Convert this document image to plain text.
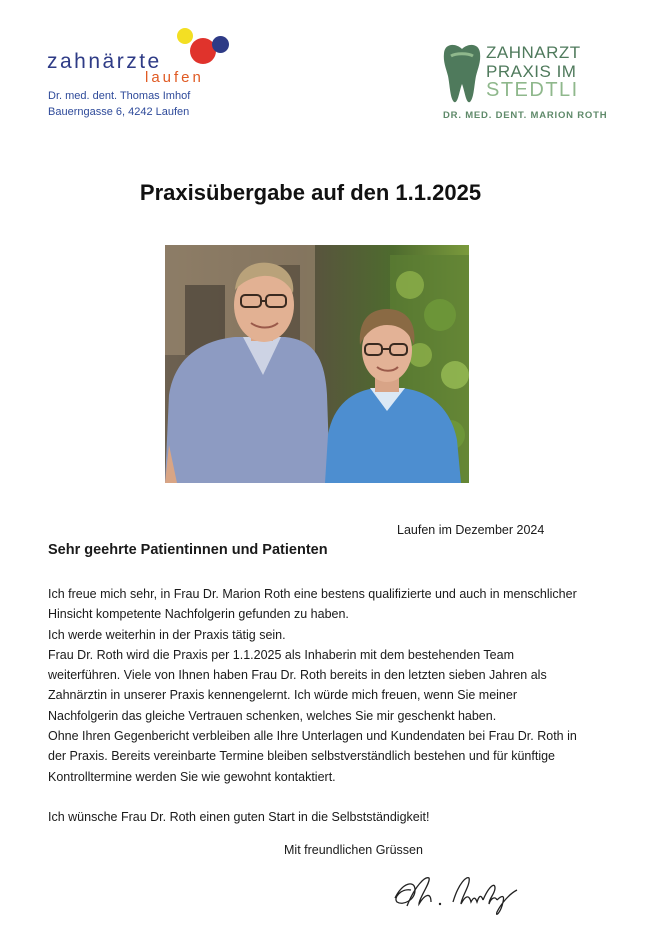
zahnärzte
laufen
Dr. med. dent. Thomas Imhof
Bauerngasse 6, 4242 Laufen
ZAHNARZT
PRAXIS IM
STEDTLI
DR. MED. DENT. MARION ROTH
Praxisübergabe auf den 1.1.2025
Laufen im Dezember 2024
Sehr geehrte Patientinnen und Patienten
Ich freue mich sehr, in Frau Dr. Marion Roth eine bestens qualifizierte und auch in menschlicher
Hinsicht kompetente Nachfolgerin gefunden zu haben.
Ich werde weiterhin in der Praxis tätig sein.
Frau Dr. Roth wird die Praxis per 1.1.2025 als Inhaberin mit dem bestehenden Team
weiterführen. Viele von Ihnen haben Frau Dr. Roth bereits in den letzten sieben Jahren als
Zahnärztin in unserer Praxis kennengelernt. Ich würde mich freuen, wenn Sie meiner
Nachfolgerin das gleiche Vertrauen schenken, welches Sie mir geschenkt haben.
Ohne Ihren Gegenbericht verbleiben alle Ihre Unterlagen und Kundendaten bei Frau Dr. Roth in
der Praxis. Bereits vereinbarte Termine bleiben selbstverständlich bestehen und für künftige
Kontrolltermine werden Sie wie gewohnt kontaktiert.
Ich wünsche Frau Dr. Roth einen guten Start in die Selbstständigkeit!
Mit freundlichen Grüssen
